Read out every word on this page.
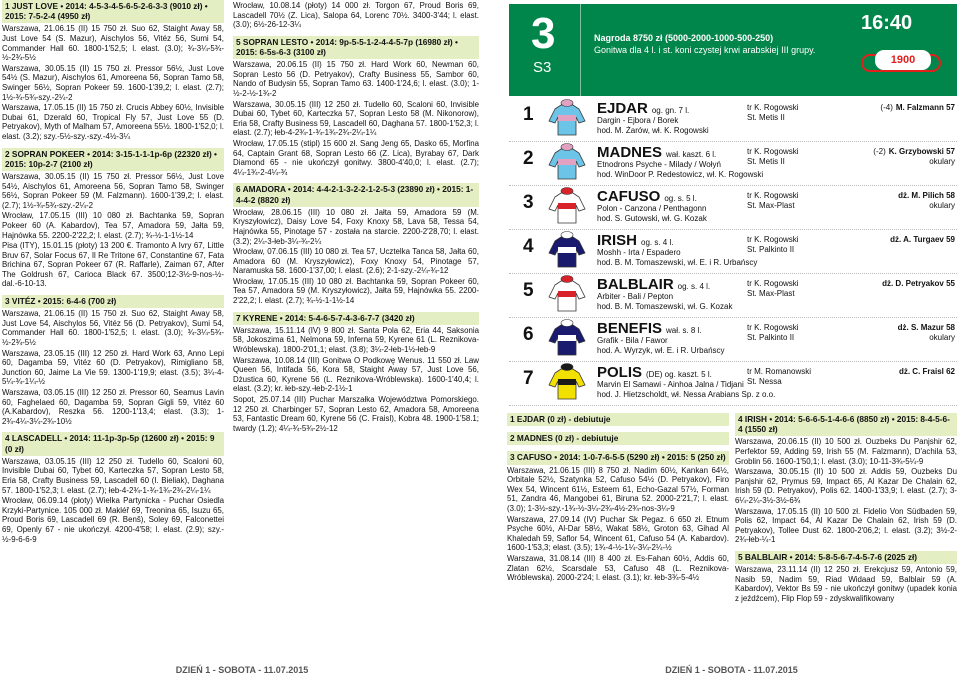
1 JUST LOVE • 2014: 4-5-3-4-5-6-5-2-6-3-3 (9010 zł) • 2015: 7-5-2-4 (4950 zł)
Warszawa, 21.06.15 (II) 15 750 zł. Suo 62, Staight Away 58, Just Love 54 (S. Mazur), Aischylos 56, Vitéz 56, Sumi 54, Commander Hall 60. 1800-1'52,5; l. elast. (3.0); ¾-3¼-5¾-½-2¾-5½
Warszawa, 30.05.15 (II) 15 750 zł. Pressor 56½, Just Love 54½ (S. Mazur), Aischylos 61, Amoreena 56, Sopran Tamo 58, Swinger 56½, Sopran Pokeer 59. 1600-1'39,2; l. elast. (2.7); 1½-¾-5¾-szy.-2¼-2
Warszawa, 17.05.15 (II) 15 750 zł. Crucis Abbey 60½, Invisible Dubai 61, Dzerald 60, Tropical Fly 57, Just Love 55 (D. Petryakov), Myth of Malham 57, Amoreena 55½. 1800-1'52,0; l. elast. (3.2); szy.-5½-szy.-szy.-4½-3¼
2 SOPRAN POKEER • 2014: 3-15-1-1-1p-6p (22320 zł) • 2015: 10p-2-7 (2100 zł)
Warszawa, 30.05.15 (II) 15 750 zł. Pressor 56½, Just Love 54½, Aischylos 61, Amoreena 56, Sopran Tamo 58, Swinger 56½, Sopran Pokeer 59 (M. Falzmann). 1600-1'39,2; l. elast. (2.7); 1½-¾-5¾-szy.-2¼-2
Wrocław, 17.05.15 (III) 10 080 zł. Bachtanka 59, Sopran Pokeer 60 (A. Kabardov), Tea 57, Amadora 59, Jałta 59, Hajnówka 55. 2200-2'22,2; l. elast. (2.7); ¾-½-1-1½-14
Pisa (ITY), 15.01.15 (płoty) 13 200 €. Tramonto A Ivry 67, Little Bruv 67, Solar Focus 67, Il Re Tritone 67, Constantine 67, Fata Brichina 67, Sopran Pokeer 67 (R. Raffarle), Zaiman 67, After The Goldrush 67, Carioca Black 67. 3500;12-3½-9-nos-½-dal.-6-10-13.
3 VITÉZ • 2015: 6-4-6 (700 zł)
Warszawa, 21.06.15 (II) 15 750 zł. Suo 62, Staight Away 58, Just Love 54, Aischylos 56, Vitéz 56 (D. Petryakov), Sumi 54, Commander Hall 60. 1800-1'52,5; l. elast. (3.0); ¾-3¼-5¾-½-2¾-5½
Warszawa, 23.05.15 (III) 12 250 zł. Hard Work 63, Anno Lepi 60, Dagamba 59, Vitéz 60 (D. Petryakov), Rimigliano 58, Junction 60, Jaime La Vie 59. 1300-1'19,9; elast. (3.5); 3¼-4-5¼-¾-1¼-½
Warszawa, 03.05.15 (III) 12 250 zł. Pressor 60, Seamus Lavin 60, Faghelaed 60, Dagamba 59, Sopran Gigli 59, Vitéz 60 (A.Kabardov), Reszka 56. 1200-1'13,4; elast. (3.3); 1-2¾-4¼-3¼-2¾-10½
4 LASCADELL • 2014: 11-1p-3p-5p (12600 zł) • 2015: 9 (0 zł)
Warszawa, 03.05.15 (III) 12 250 zł. Tudello 60, Scaloni 60, Invisible Dubai 60, Tybet 60, Karteczka 57, Sopran Lesto 58, Eria 58, Crafty Business 59, Lascadell 60 (I. Bieliak), Daghana 57. 1800-1'52,3; l. elast. (2.7); łeb-4-2¾-1-¾-1¾-2¾-2¼-1¼
Wrocław, 06.09.14 (płoty) Wielka Partynicka - Puchar Osiedla Krzyki-Partynice. 105 000 zł. Makléř 69, Treonina 65, Isuzu 65, Proud Boris 69, Lascadell 69 (R. Benš), Soley 69, Falconettei 69, Openly 67 - nie ukończył. 4200-4'58; l. elast. (2.9); szy.-½-9-6-6-9
Wrocław, 10.08.14 (płoty) 14 000 zł. Torgon 67, Proud Boris 69, Lascadell 70½ (Z. Lica), Salopa 64, Lorenc 70½. 3400-3'44; l. elast. (3.0); 6½-26-12-3¼
5 SOPRAN LESTO • 2014: 9p-5-5-1-2-4-4-5-7p (16980 zł) • 2015: 6-5s-6-3 (3100 zł)
Warszawa, 20.06.15 (II) 15 750 zł. Hard Work 60, Newman 60, Sopran Lesto 56 (D. Petryakov), Crafty Business 55, Sambor 60, Nando of Budysin 55, Sopran Tamo 63. 1400-1'24,6; l. elast. (3.0); 1-½-2-½-1¾-2
Warszawa, 30.05.15 (III) 12 250 zł. Tudello 60, Scaloni 60, Invisible Dubai 60, Tybet 60, Karteczka 57, Sopran Lesto 58 (M. Nikonorow), Eria 58, Crafty Business 59, Lascadell 60, Daghana 57. 1800-1'52,3; l. elast. (2.7); łeb-4-2¾-1-¾-1¾-2¾-2¼-1¼
Wrocław, 17.05.15 (stipl) 15 600 zł. Sang Jeng 65, Dasko 65, Morfina 64, Captain Grant 68, Sopran Lesto 66 (Z. Lica), Byrabay 67, Dark Diamond 65 - nie ukończył gonitwy. 3800-4'40,0; l. elast. (2.7); 4¼-1¾-2-4¼-¾
6 AMADORA • 2014: 4-4-2-1-3-2-2-1-2-5-3 (23890 zł) • 2015: 1-4-4-2 (8820 zł)
Wrocław, 28.06.15 (III) 10 080 zł. Jałta 59, Amadora 59 (M. Kryszyłowicz), Daisy Love 54, Foxy Knoxy 58, Lava 58, Tessa 54, Hajnówka 55, Pinotage 57 - została na starcie. 2200-2'28,70; l. elast. (3.2); 2¼-3-łeb-3¼-¾-2¼
Wrocław, 07.06.15 (III) 10 080 zł. Tea 57, Ucztelka Tanca 58, Jałta 60, Amadora 60 (M. Kryszyłowicz), Foxy Knoxy 54, Pinotage 57, Naramuska 58. 1600-1'37,00; l. elast. (2.6); 2-1-szy.-2¼-¾-12
Wrocław, 17.05.15 (III) 10 080 zł. Bachtanka 59, Sopran Pokeer 60, Tea 57, Amadora 59 (M. Kryszyłowicz), Jałta 59, Hajnówka 55. 2200-2'22,2; l. elast. (2.7); ¾-½-1-1½-14
7 KYRENE • 2014: 5-4-6-5-7-4-3-6-7-7 (3420 zł)
Warszawa, 15.11.14 (IV) 9 800 zł. Santa Pola 62, Eria 44, Saksonia 58, Jokoszima 61, Nelmona 59, Inferna 59, Kyrene 61 (L. Reznikova-Wróblewska). 1800-2'01,1; elast. (3.8); 3¼-2-łeb-1½-łeb-9
Warszawa, 10.08.14 (III) Gonitwa O Podkowę Wenus. 11 550 zł. Law Queen 56, Intifada 56, Kora 58, Staight Away 57, Just Love 56, Dżustica 60, Kyrene 56 (L. Reznikova-Wróblewska). 1600-1'40,4; l. elast. (3.2); kr. łeb-szy.-łeb-2-1½-1
Sopot, 25.07.14 (III) Puchar Marszałka Województwa Pomorskiego. 12 250 zł. Charbinger 57, Sopran Lesto 62, Amadora 58, Amoreena 53, Fantastic Dream 60, Kyrene 56 (C. Fraisl), Kobra 48. 1900-1'58.1; twardy (1.2); 4¼-¾-5¾-2½-12
DZIEŃ 1 - SOBOTA - 11.07.2015
3
S3
Nagroda 8750 zł (5000-2000-1000-500-250)
Gonitwa dla 4 l. i st. koni czystej krwi arabskiej III grupy.
16:40
1900
1	EJDAR og. gn. 7 l.
Dargin - Ejbora / Borek
hod. M. Żarów, wł. K. Rogowski
tr K. Rogowski
St. Metis II
(-4) M. Falzmann 57
2	MADNES wał. kaszt. 6 l.
Etnodrons Psyche - Milady / Wołyń
hod. WinDoor P. Redestowicz, wł. K. Rogowski
tr K. Rogowski
St. Metis II
(-2) K. Grzybowski 57
okulary
3	CAFUSO og. s. 5 l.
Polon - Canzona / Penthagonn
hod. S. Gutowski, wł. G. Kozak
tr K. Rogowski
St. Max-Plast
dż. M. Pilich 58
okulary
4	IRISH og. s. 4 l.
Moshh - Irta / Espadero
hod. B. M. Tomaszewski, wł. E. i R. Urbańscy
tr K. Rogowski
St. Palkinto II
dż. A. Turgaev 59
5	BALBLAIR og. s. 4 l.
Arbiter - Bali / Pepton
hod. B. M. Tomaszewski, wł. G. Kozak
tr K. Rogowski
St. Max-Plast
dż. D. Petryakov 55
6	BENEFIS wał. s. 8 l.
Grafik - Bila / Fawor
hod. A. Wyrzyk, wł. E. i R. Urbańscy
tr K. Rogowski
St. Palkinto II
dż. S. Mazur 58
okulary
7	POLIS (DE) og. kaszt. 5 l.
Marvin El Samawi - Ainhoa Jalna / Tidjani
hod. J. Hietzscholdt, wł. Nessa Arabians Sp. z o.o.
tr M. Romanowski
St. Nessa
dż. C. Fraisl 62
1 EJDAR (0 zł) - debiutuje
2 MADNES (0 zł) - debiutuje
3 CAFUSO • 2014: 1-0-7-6-5-5 (5290 zł) • 2015: 5 (250 zł)
Warszawa, 21.06.15 (III) 8 750 zł. Nadim 60½, Kankan 64½, Orbitale 52½, Szatynka 52, Cafuso 54½ (D. Petryakov), Firo Wex 54, Wincent 61½, Esteem 61, Echo-Gazal 57½, Forman 51, Zandra 46, Mangobei 61, Biruna 52. 2000-2'21,7; l. elast. (3.0); 1-3½-szy.-1¾-½-3¼-2¾-4½-2¾-nos-3¼-9
Warszawa, 27.09.14 (IV) Puchar Sk Pegaz. 6 650 zł. Etnum Psyche 60½, Al-Dar 58½, Wakat 58½, Groton 63, Gihad Al Khaledah 59, Saflor 54, Wincent 61, Cafuso 54 (A. Kabardov). 1600-1'53,3; elast. (3.5); 1¾-4-½-1¼-3¼-2¼-½
Warszawa, 31.08.14 (III) 8 400 zł. Es-Fahan 60½, Addis 60, Zlatan 62½, Scarsdale 53, Cafuso 48 (L. Reznikova-Wróblewska). 2000-2'24; l. elast. (3.1); kr. łeb-3¾-5-4½
4 IRISH • 2014: 5-6-6-5-1-4-6-6 (8850 zł) • 2015: 8-4-5-6-4 (1550 zł)
Warszawa, 20.06.15 (II) 10 500 zł. Ouzbeks Du Panjshir 62, Perfektor 59, Adding 59, Irish 55 (M. Falzmann), D'achila 53, Groblin 56. 1600-1'50,1; l. elast. (3.0); 10-11-3¾-5¼-9
Warszawa, 30.05.15 (II) 10 500 zł. Addis 59, Ouzbeks Du Panjshir 62, Prymus 59, Impact 65, Al Kazar De Chalain 62, Irish 59 (D. Petryakov), Polis 62. 1400-1'33,9; l. elast. (2.7); 3-6¼-2¼-3½-3½-6¾
Warszawa, 17.05.15 (II) 10 500 zł. Fidelio Von Südbaden 59, Polis 62, Impact 64, Al Kazar De Chalain 62, Irish 59 (D. Petryakov), Tollee Dust 62. 1800-2'06,2; l. elast. (3.2); 3½-2-2¾-łeb-¼-1
5 BALBLAIR • 2014: 5-8-5-6-7-4-5-7-6 (2025 zł)
Warszawa, 23.11.14 (II) 12 250 zł. Erekcjusz 59, Antonio 59, Nasib 59, Nadim 59, Riad Widaad 59, Balblair 59 (A. Kabardov), Vektor Bs 59 - nie ukończył gonitwy (upadek konia z jeźdźcem), Flip Flop 59 - zdyskwalifikowany
DZIEŃ 1 - SOBOTA - 11.07.2015
